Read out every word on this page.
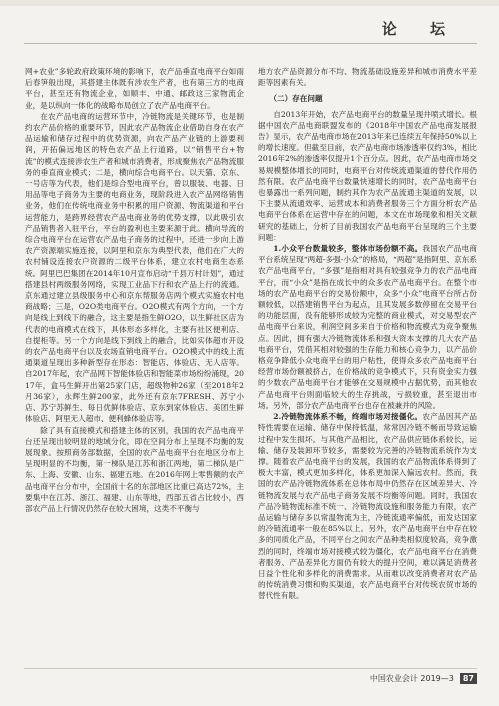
论 坛

网+农业”多轮政府政策环境的影响下，农产品垂直电商平台如雨后春笋般出现，其搭建主体既有涉农生产者，也有第三方的电商平台，甚至还有物流企业，如顺丰、中通、邮政这三家物流企业，是以纵向一体化的战略布局创立了农产品电商平台。

在农产品电商的运营环节中，冷链物流是关键环节，也是制约农产品价格的重要环节，因此农产品物流企业借助自身在农产品运输和储存过程中的优势资源，向农产品产业链的上游要利润，开拓偏远地区的特色农产品上行道路，以“销售平台+物流”的模式连接涉农生产者和城市消费者，形成聚焦农产品物流服务的垂直商业模式；二是，横向综合电商平台。以天猫、京东、一号店等为代表，他们是综合型电商平台，曾以服装、电器、日用品等电子商务为主要的电商业务，现阶段进入农产品网络销售业务，他们在传统电商业务中积累的用户资源、物流渠道和平台运营能力，是跨界经营农产品电商业务的优势支撑，以此吸引农产品销售者入驻平台，平台的盈利也主要来源于此。横向导流的综合电商平台在运营农产品电子商务的过程中，还进一步向上游农产资源端实施连接，以阿里和京东为典型代表，他们在广大的农村铺设连接农户资源的二级平台体系，建立农村电商生态系统。阿里巴巴集团在2014年10月宣布启动“千县万村计划”，通过搭建县村两级服务网络，实现工业品下行和农产品上行的流通。京东通过建立县级服务中心和京东帮服务店两个模式实施农村电商战略；三是，O2O类电商平台。O2O模式有两个方向，一个方向是线上到线下的融合，这主要是指生鲜O2O，以生鲜社区店为代表的电商模式在线下，具体形态多样化，主要有社区便利店、自提柜等。另一个方向是线下到线上的融合，比如实体超市开设的农产品电商平台以及农场直销电商平台。O2O模式中的线上流通渠道呈现出多种新型存在形态：智能店、体验店、无人店等。自2017年起，农产品网下智能体验店和智能菜市场纷纷涌现，2017年，盒马生鲜开出第25家门店，超级物种26家（至2018年2月36家），永辉生鲜200家，此外还有京东7FRESH、苏宁小店、苏宁苏鲜生、每日优鲜体验店、京东到家体验店、美团生鲜体验店、阿里无人超市、便利蜂体验店等。

除了具有直接模式和搭建主体的区别，我国的农产品电商平台还呈现出较明显的地域分化，即在空间分布上呈现不均衡的发展现象。按照商务部数据，全国的农产品电商平台在地区分布上呈现明显的不均衡，第一梯队是江苏和浙江两地，第二梯队是广东、上海、安徽、山东、福建五地。在2016年网上零售额的农产品电商平台分布中，全国前十名的东部地区比重已高达72%，主要集中在江苏、浙江、福建、山东等地，西部五省占比较小，西部农产品上行情况仍然存在较大困境，这类不平衡与

地方农产品资源分布不均、物流基础设施差异和城市消费水平差距等因素有关。

（二）存在问题

自2013年开始，农产品电商平台的数量呈现井喷式增长。根据中国农产品电商联盟发布的《2018年中国农产品电商发展报告》显示，农产品电商市场在2013年来已连续五年保持50%以上的增长速度。但截至目前，农产品电商市场渗透率仅约3%，相比2016年2%的渗透率仅提升1个百分点。因此，农产品电商市场交易规模整体增长的同时，电商平台对传统流通渠道的替代作用仍然有限。农产品电商平台数量快速增长的同时，农产品电商平台也暴露出一系列问题，制约其作为农产品流通主渠道的发展，以下主要从流通效率、运营成本和消费者服务三个方面分析农产品电商平台体系在运营中存在的问题，本文在市场现象和相关文献研究的基础上，分析了目前我国农产品电商平台呈现的三个主要问题：

1.小众平台数量较多，整体市场份额不高。我国农产品电商平台系统呈现“两超-多强-小众”的格局，“两超”是指阿里、京东系农产品电商平台，“多强”是指相对具有较强竞争力的农产品电商平台，而“小众”是指在成长中的众多农产品电商平台。在整个市场的农产品电商平台的交易份额中，众多“小众”电商平台所占份额较低，以搭建销售平台为起点，且其发展多数停留在交易平台的功能层面，没有能够形成较为完整的商业模式，对交易型农产品电商平台来说，利润空间多来自于价格和物流模式为竞争聚焦点。因此，拥有强大冷链物流体系和强大资本支撑的几大农产品电商平台，凭借其相对较强的生存能力和核心竞争力，以产品价格竞争降低小众电商平台的用户粘性，使得众多农产品电商平台经营市场份额被挤占，在价格战的竞争模式下，只有资金实力强的少数农产品电商平台才能够在交易规模中占据优势，而其他农产品电商平台则面临较大的生存挑战，亏损较重，甚至退出市场。另外，部分农产品电商平台也存在被兼并的风险。

2.冷链物流体系不畅，终端市场对接僵化。农产品因其产品特性需要在运输、储存中保持低温，常常因冷链不畅而导致运输过程中发生损坏。与其他产品相比，农产品供应链体系较长，运输、储存及装卸环节较多，需要较为完善的冷链物流系统作为支撑。随着农产品电商平台的发展，我国的农产品物流体系得到了极大丰富，模式更加多样化，体系更加深入偏远农村。然而，我国的农产品冷链物流体系在总体布局中仍然存在区域差异大、冷链物流发展与农产品电子商务发展不均衡等问题。同时，我国农产品冷链物流标准不统一、冷链物流设施和服务能力有限，农产品运输与储存多以常温物流为主，冷链流通率偏低，而发达国家的冷链流通率一般在85%以上。另外，农产品电商平台中存在较多的同质化产品，不同平台之间农产品种类相似度较高，竞争激烈的同时，终端市场对接模式较为僵化，农产品电商平台在消费者服务、产品差异化方面仍有较大的提升空间，难以满足消费者日益个性化和多样化的消费需求。从而难以改变消费者对农产品的传统消费习惯和购买渠道，农产品电商平台对传统农贸市场的替代性有限。

中国农业会计 2019—3	87
